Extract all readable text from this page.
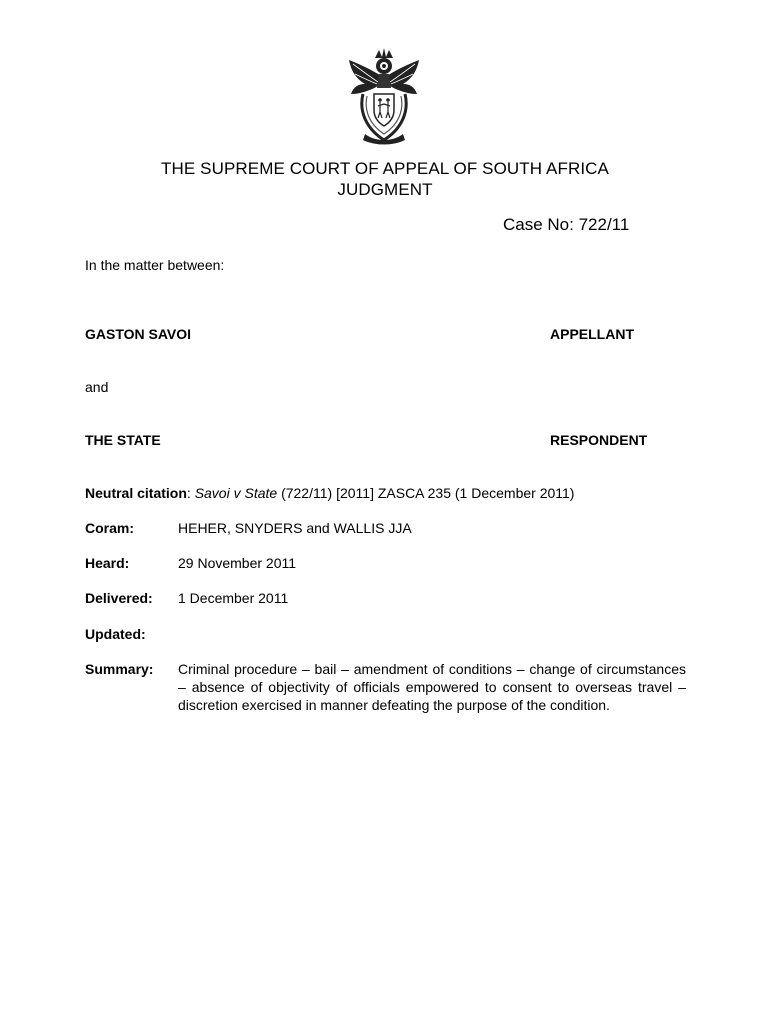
THE SUPREME COURT OF APPEAL OF SOUTH AFRICA
JUDGMENT
Case No: 722/11
In the matter between:
GASTON SAVOI	APPELLANT
and
THE STATE	RESPONDENT
Neutral citation: Savoi v State (722/11) [2011] ZASCA 235 (1 December 2011)
Coram:	HEHER, SNYDERS and WALLIS JJA
Heard:	29 November 2011
Delivered: 1 December 2011
Updated:
Summary: Criminal procedure – bail – amendment of conditions – change of circumstances – absence of objectivity of officials empowered to consent to overseas travel – discretion exercised in manner defeating the purpose of the condition.
